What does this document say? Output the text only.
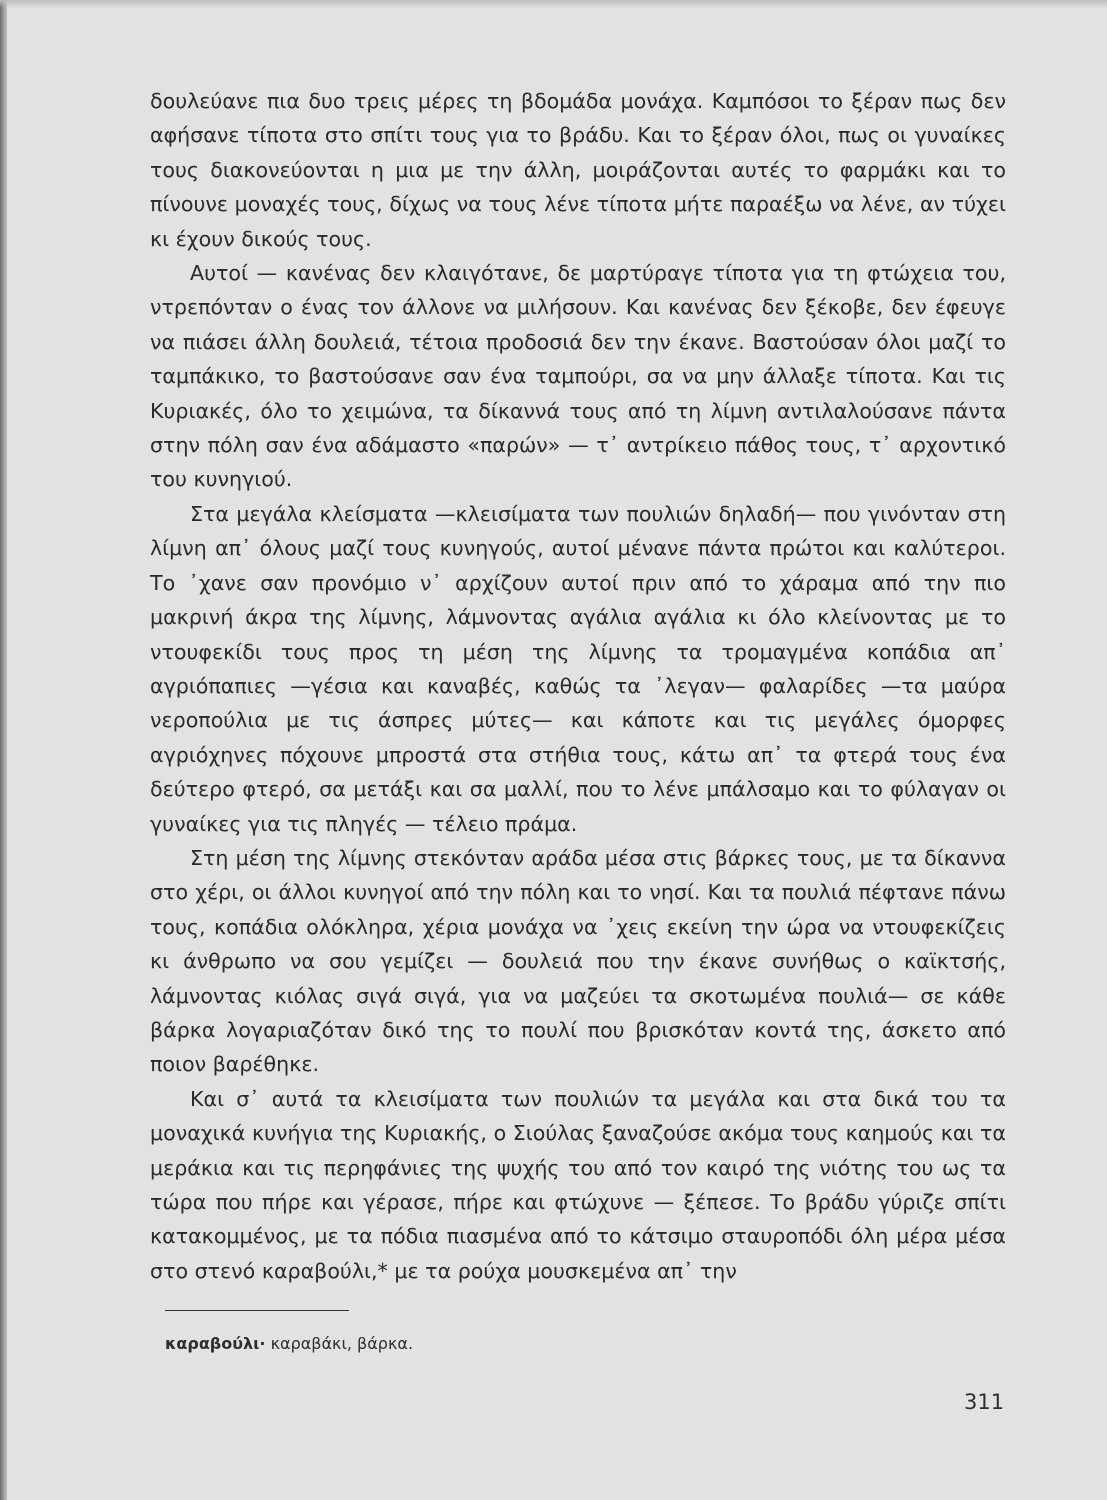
δουλεύανε πια δυο τρεις μέρες τη βδομάδα μονάχα. Καμπόσοι το ξέραν πως δεν αφήσανε τίποτα στο σπίτι τους για το βράδυ. Και το ξέραν όλοι, πως οι γυναίκες τους διακονεύονται η μια με την άλλη, μοιράζονται αυτές το φαρμάκι και το πίνουνε μοναχές τους, δίχως να τους λένε τίποτα μήτε παραέξω να λένε, αν τύχει κι έχουν δικούς τους.

Αυτοί — κανένας δεν κλαιγότανε, δε μαρτύραγε τίποτα για τη φτώχεια του, ντρεπόνταν ο ένας τον άλλονε να μιλήσουν. Και κανένας δεν ξέκοβε, δεν έφευγε να πιάσει άλλη δουλειά, τέτοια προδοσιά δεν την έκανε. Βαστούσαν όλοι μαζί το ταμπάκικο, το βαστούσανε σαν ένα ταμπούρι, σα να μην άλλαξε τίποτα. Και τις Κυριακές, όλο το χειμώνα, τα δίκαννά τους από τη λίμνη αντιλαλούσανε πάντα στην πόλη σαν ένα αδάμαστο «παρών» — τ᾽ αντρίκειο πάθος τους, τ᾽ αρχοντικό του κυνηγιού.

Στα μεγάλα κλείσματα —κλεισίματα των πουλιών δηλαδή— που γινόνταν στη λίμνη απ᾽ όλους μαζί τους κυνηγούς, αυτοί μένανε πάντα πρώτοι και καλύτεροι. Το ᾽χανε σαν προνόμιο ν᾽ αρχίζουν αυτοί πριν από το χάραμα από την πιο μακρινή άκρα της λίμνης, λάμνοντας αγάλια αγάλια κι όλο κλείνοντας με το ντουφεκίδι τους προς τη μέση της λίμνης τα τρομαγμένα κοπάδια απ᾽ αγριόπαπιες —γέσια και καναβές, καθώς τα ᾽λεγαν— φαλαρίδες —τα μαύρα νεροπούλια με τις άσπρες μύτες— και κάποτε και τις μεγάλες όμορφες αγριόχηνες πόχουνε μπροστά στα στήθια τους, κάτω απ᾽ τα φτερά τους ένα δεύτερο φτερό, σα μετάξι και σα μαλλί, που το λένε μπάλσαμο και το φύλαγαν οι γυναίκες για τις πληγές — τέλειο πράμα.

Στη μέση της λίμνης στεκόνταν αράδα μέσα στις βάρκες τους, με τα δίκαννα στο χέρι, οι άλλοι κυνηγοί από την πόλη και το νησί. Και τα πουλιά πέφτανε πάνω τους, κοπάδια ολόκληρα, χέρια μονάχα να ᾽χεις εκείνη την ώρα να ντουφεκίζεις κι άνθρωπο να σου γεμίζει — δουλειά που την έκανε συνήθως ο καϊκτσής, λάμνοντας κιόλας σιγά σιγά, για να μαζεύει τα σκοτωμένα πουλιά— σε κάθε βάρκα λογαριαζόταν δικό της το πουλί που βρισκόταν κοντά της, άσκετο από ποιον βαρέθηκε.

Και σ᾽ αυτά τα κλεισίματα των πουλιών τα μεγάλα και στα δικά του τα μοναχικά κυνήγια της Κυριακής, ο Σιούλας ξαναζούσε ακόμα τους καημούς και τα μεράκια και τις περηφάνιες της ψυχής του από τον καιρό της νιότης του ως τα τώρα που πήρε και γέρασε, πήρε και φτώχυνε — ξέπεσε. Το βράδυ γύριζε σπίτι κατακομμένος, με τα πόδια πιασμένα από το κάτσιμο σταυροπόδι όλη μέρα μέσα στο στενό καραβούλι,* με τα ρούχα μουσκεμένα απ᾽ την

καραβούλι· καραβάκι, βάρκα.
311
